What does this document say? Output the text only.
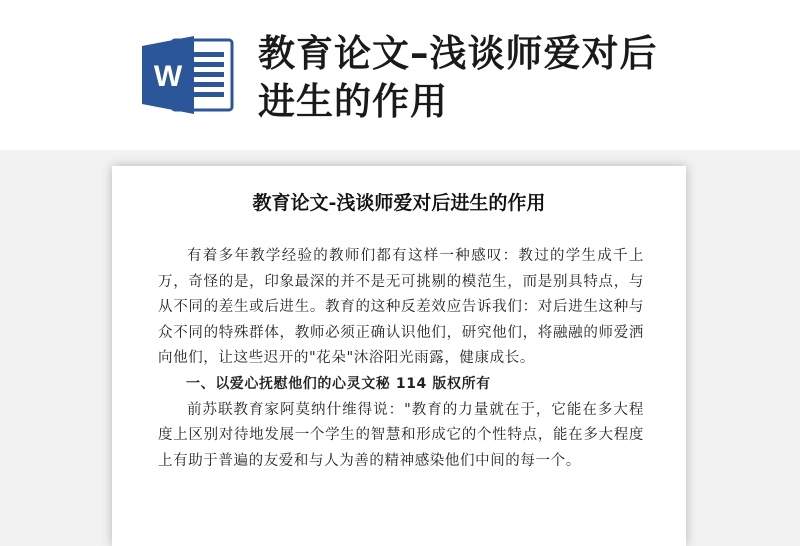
W
教育论文–浅谈师爱对后进生的作用
教育论文-浅谈师爱对后进生的作用

有着多年教学经验的教师们都有这样一种感叹：教过的学生成千上万，奇怪的是，印象最深的并不是无可挑剔的模范生，而是别具特点，与从不同的差生或后进生。教育的这种反差效应告诉我们：对后进生这种与众不同的特殊群体，教师必须正确认识他们，研究他们，将融融的师爱洒向他们，让这些迟开的"花朵"沐浴阳光雨露，健康成长。

一、以爱心抚慰他们的心灵文秘 114 版权所有

前苏联教育家阿莫纳什维得说："教育的力量就在于，它能在多大程度上区别对待地发展一个学生的智慧和形成它的个性特点，能在多大程度上有助于普遍的友爱和与人为善的精神感染他们中间的每一个。
